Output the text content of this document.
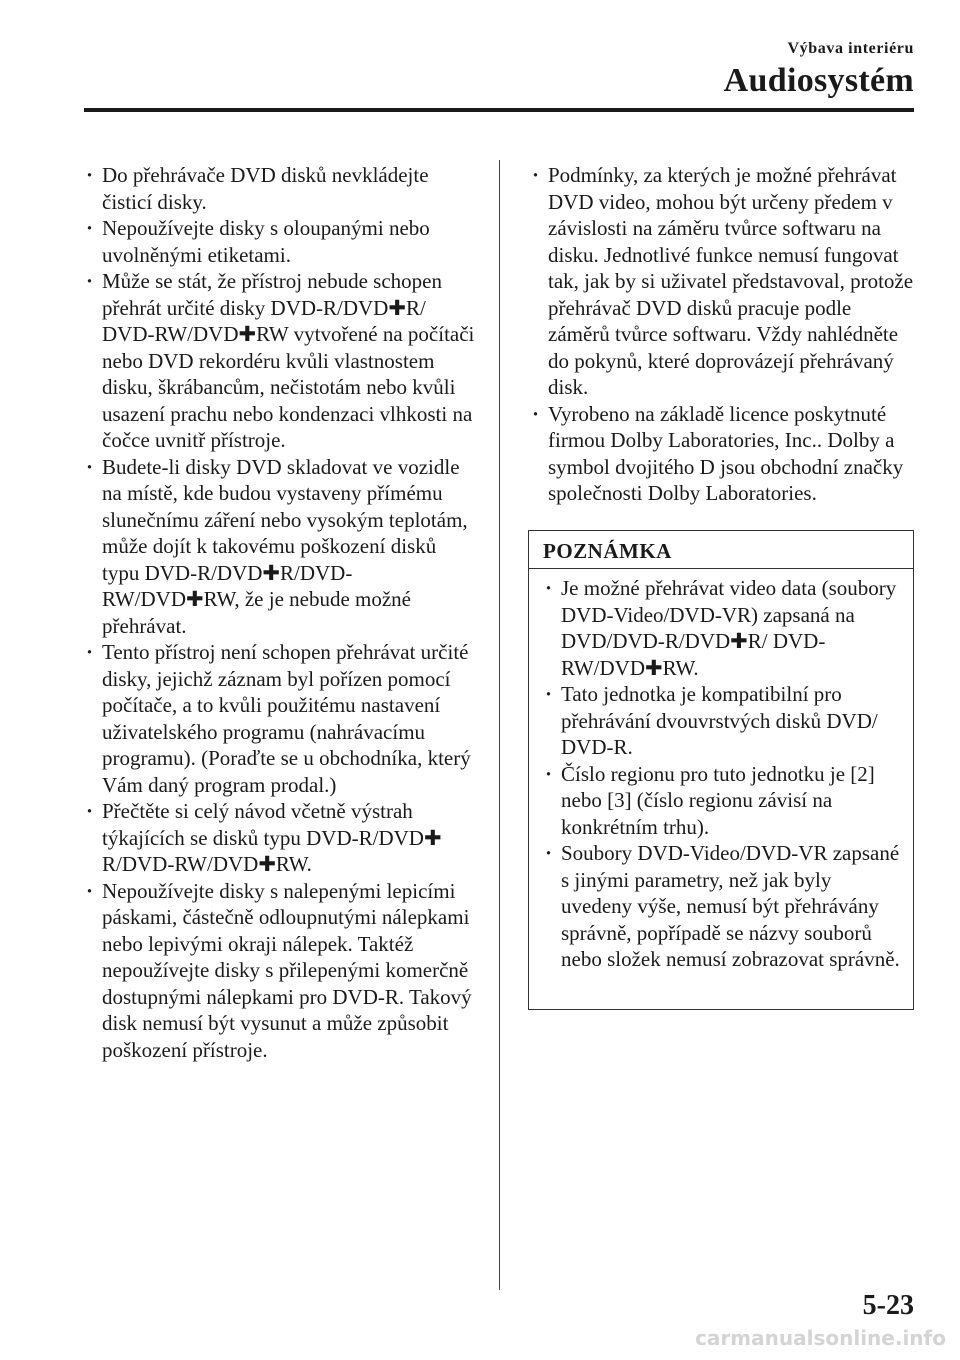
Výbava interiéru
Audiosystém
· Do přehrávače DVD disků nevkládejte čisticí disky.
· Nepoužívejte disky s oloupanými nebo uvolněnými etiketami.
· Může se stát, že přístroj nebude schopen přehrát určité disky DVD-R/DVD✚R/ DVD-RW/DVD✚RW vytvořené na počítači nebo DVD rekordéru kvůli vlastnostem disku, škrábancům, nečistotám nebo kvůli usazení prachu nebo kondenzaci vlhkosti na čočce uvnitř přístroje.
· Budete-li disky DVD skladovat ve vozidle na místě, kde budou vystaveny přímému slunečnímu záření nebo vysokým teplotám, může dojít k takovému poškození disků typu DVD-R/DVD✚R/DVD-RW/DVD✚RW, že je nebude možné přehrávat.
· Tento přístroj není schopen přehrávat určité disky, jejichž záznam byl pořízen pomocí počítače, a to kvůli použitému nastavení uživatelského programu (nahrávacímu programu). (Poraďte se u obchodníka, který Vám daný program prodal.)
· Přečtěte si celý návod včetně výstrah týkajících se disků typu DVD-R/DVD✚ R/DVD-RW/DVD✚RW.
· Nepoužívejte disky s nalepenými lepicími páskami, částečně odloupnutými nálepkami nebo lepivými okraji nálepek. Taktéž nepoužívejte disky s přilepenými komerčně dostupnými nálepkami pro DVD-R. Takový disk nemusí být vysunut a může způsobit poškození přístroje.
· Podmínky, za kterých je možné přehrávat DVD video, mohou být určeny předem v závislosti na záměru tvůrce softwaru na disku. Jednotlivé funkce nemusí fungovat tak, jak by si uživatel představoval, protože přehrávač DVD disků pracuje podle záměrů tvůrce softwaru. Vždy nahlédněte do pokynů, které doprovázejí přehrávaný disk.
· Vyrobeno na základě licence poskytnuté firmou Dolby Laboratories, Inc.. Dolby a symbol dvojitého D jsou obchodní značky společnosti Dolby Laboratories.
POZNÁMKA
· Je možné přehrávat video data (soubory DVD-Video/DVD-VR) zapsaná na DVD/DVD-R/DVD✚R/ DVD-RW/DVD✚RW.
· Tato jednotka je kompatibilní pro přehrávání dvouvrstvých disků DVD/ DVD-R.
· Číslo regionu pro tuto jednotku je [2] nebo [3] (číslo regionu závisí na konkrétním trhu).
· Soubory DVD-Video/DVD-VR zapsané s jinými parametry, než jak byly uvedeny výše, nemusí být přehrávány správně, popřípadě se názvy souborů nebo složek nemusí zobrazovat správně.
5-23
carmanualsonline.info
